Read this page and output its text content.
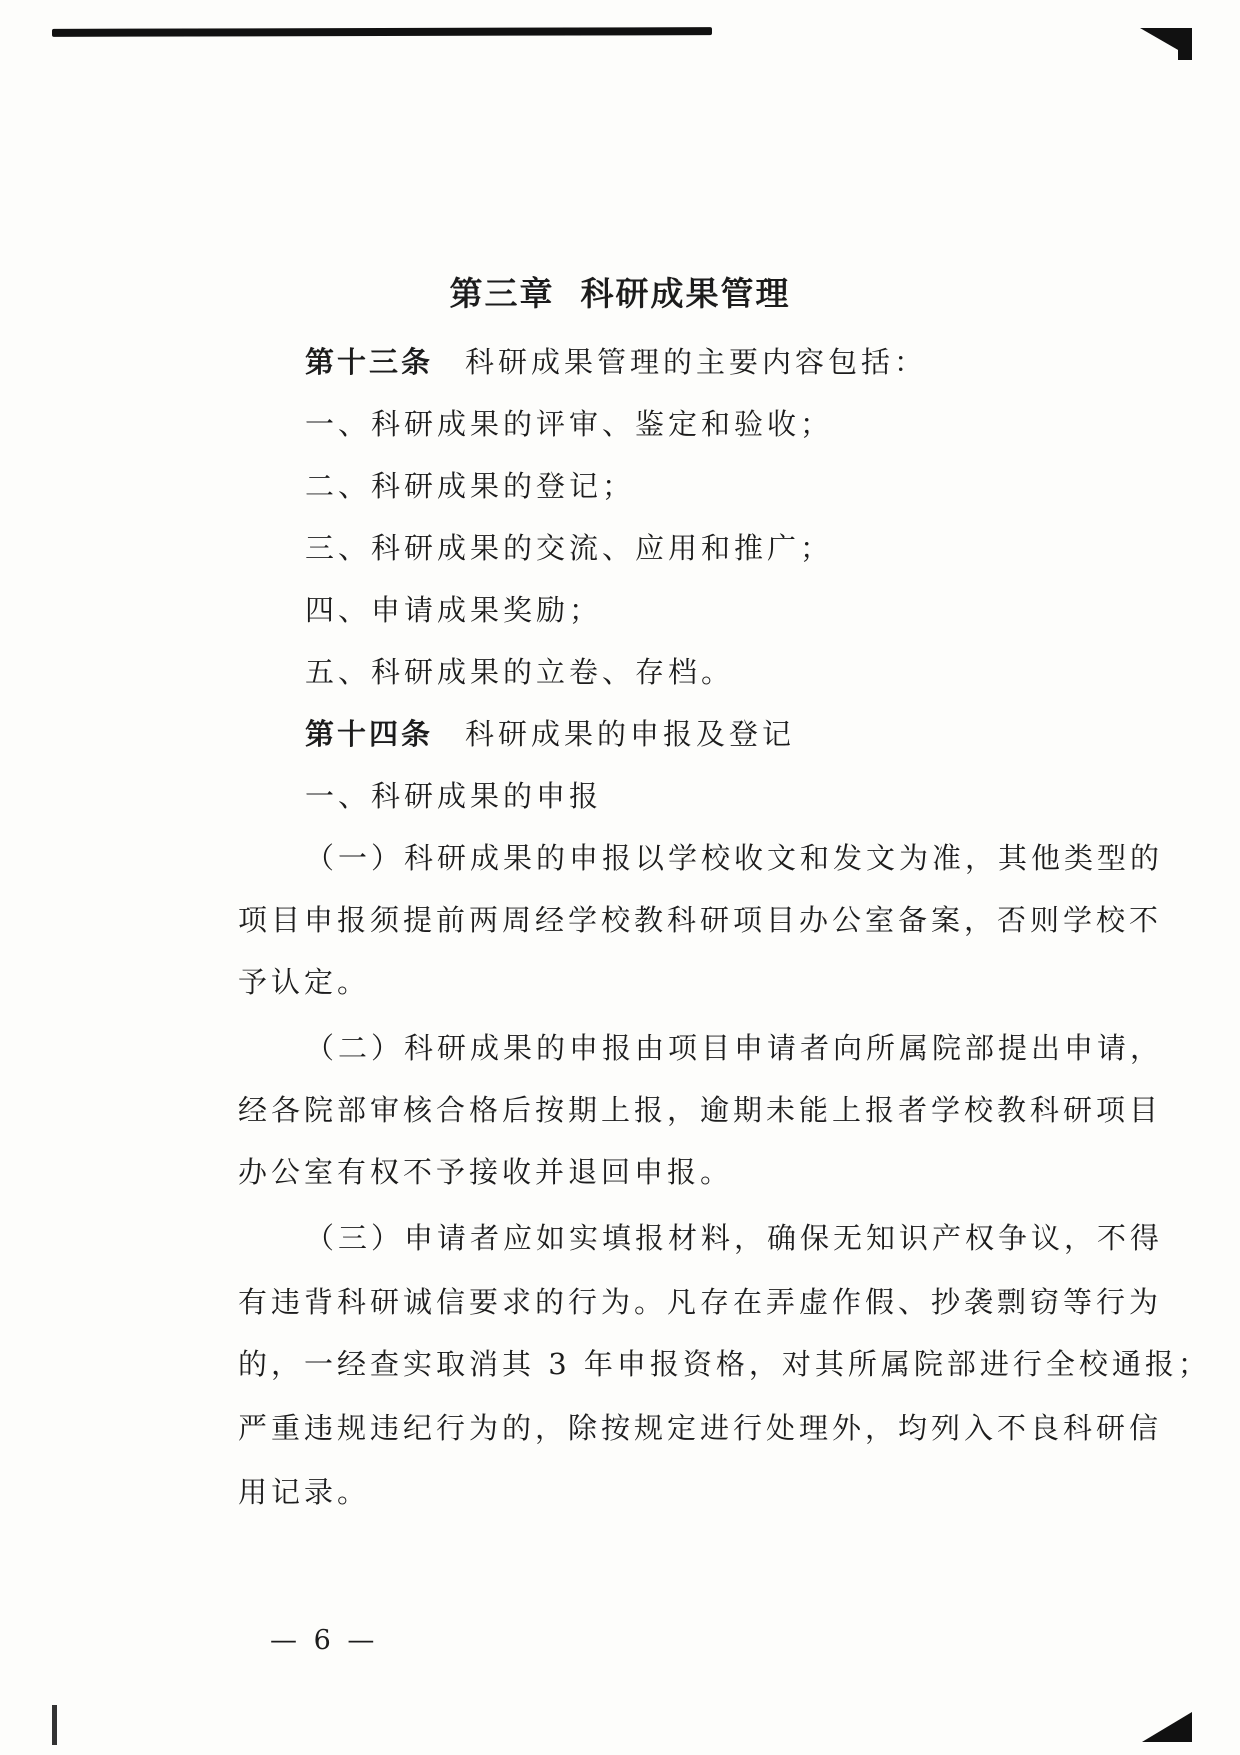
第三章 科研成果管理
第十三条 科研成果管理的主要内容包括：
一、科研成果的评审、鉴定和验收；
二、科研成果的登记；
三、科研成果的交流、应用和推广；
四、申请成果奖励；
五、科研成果的立卷、存档。
第十四条 科研成果的申报及登记
一、科研成果的申报
（一）科研成果的申报以学校收文和发文为准，其他类型的
项目申报须提前两周经学校教科研项目办公室备案，否则学校不
予认定。
（二）科研成果的申报由项目申请者向所属院部提出申请，
经各院部审核合格后按期上报，逾期未能上报者学校教科研项目
办公室有权不予接收并退回申报。
（三）申请者应如实填报材料，确保无知识产权争议，不得
有违背科研诚信要求的行为。凡存在弄虚作假、抄袭剽窃等行为
的，一经查实取消其 3 年申报资格，对其所属院部进行全校通报；
严重违规违纪行为的，除按规定进行处理外，均列入不良科研信
用记录。
— 6 —
